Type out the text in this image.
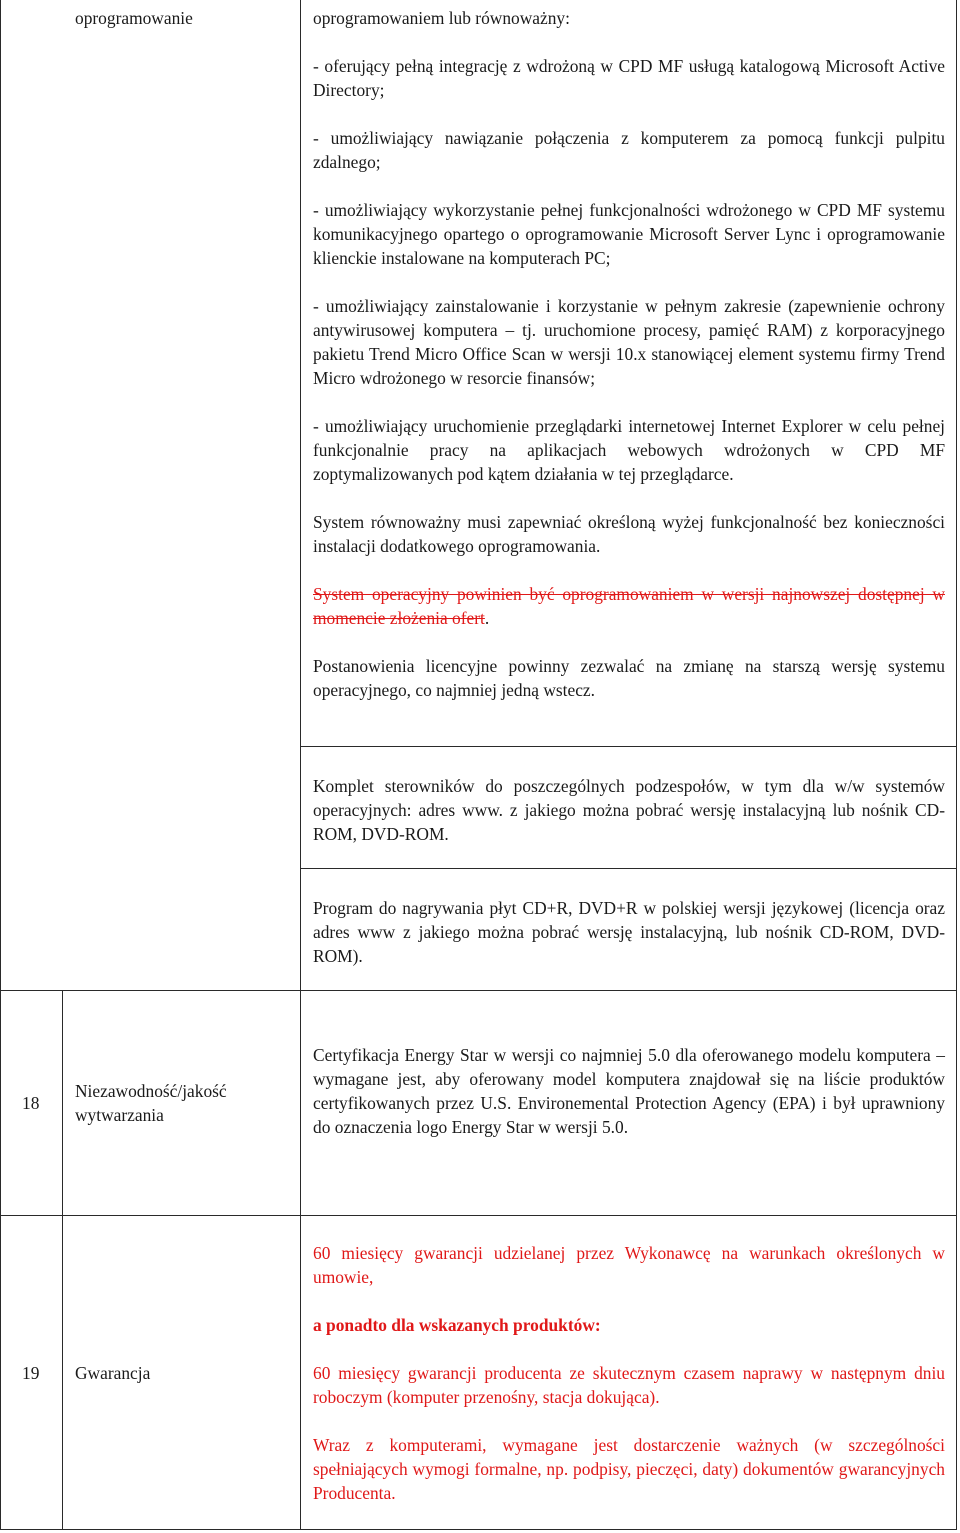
oprogramowanie	oprogramowaniem lub równoważny:

- oferujący pełną integrację z wdrożoną w CPD MF usługą katalogową Microsoft Active Directory;

- umożliwiający nawiązanie połączenia z komputerem za pomocą funkcji pulpitu zdalnego;

- umożliwiający wykorzystanie pełnej funkcjonalności wdrożonego w CPD MF systemu komunikacyjnego opartego o oprogramowanie Microsoft Server Lync i oprogramowanie klienckie instalowane na komputerach PC;

- umożliwiający zainstalowanie i korzystanie w pełnym zakresie (zapewnienie ochrony antywirusowej komputera – tj. uruchomione procesy, pamięć RAM) z korporacyjnego pakietu Trend Micro Office Scan w wersji 10.x stanowiącej element systemu firmy Trend Micro wdrożonego w resorcie finansów;

- umożliwiający uruchomienie przeglądarki internetowej Internet Explorer w celu pełnej funkcjonalnie pracy na aplikacjach webowych wdrożonych w CPD MF zoptymalizowanych pod kątem działania w tej przeglądarce.

System równoważny musi zapewniać określoną wyżej funkcjonalność bez konieczności instalacji dodatkowego oprogramowania.

System operacyjny powinien być oprogramowaniem w wersji najnowszej dostępnej w momencie złożenia ofert.

Postanowienia licencyjne powinny zezwalać na zmianę na starszą wersję systemu operacyjnego, co najmniej jedną wstecz.

Komplet sterowników do poszczególnych podzespołów, w tym dla w/w systemów operacyjnych: adres www. z jakiego można pobrać wersję instalacyjną lub nośnik CD-ROM, DVD-ROM.

Program do nagrywania płyt CD+R, DVD+R w polskiej wersji językowej (licencja oraz adres www z jakiego można pobrać wersję instalacyjną, lub nośnik CD-ROM, DVD-ROM).

18
Niezawodność/jakość wytwarzania

Certyfikacja Energy Star w wersji co najmniej 5.0 dla oferowanego modelu komputera – wymagane jest, aby oferowany model komputera znajdował się na liście produktów certyfikowanych przez U.S. Environemental Protection Agency (EPA) i był uprawniony do oznaczenia logo Energy Star w wersji 5.0.

19	Gwarancja

60 miesięcy gwarancji udzielanej przez Wykonawcę na warunkach określonych w umowie,

a ponadto dla wskazanych produktów:

60 miesięcy gwarancji producenta ze skutecznym czasem naprawy w następnym dniu roboczym (komputer przenośny, stacja dokująca).

Wraz z komputerami, wymagane jest dostarczenie ważnych (w szczególności spełniających wymogi formalne, np. podpisy, pieczęci, daty) dokumentów gwarancyjnych Producenta.
